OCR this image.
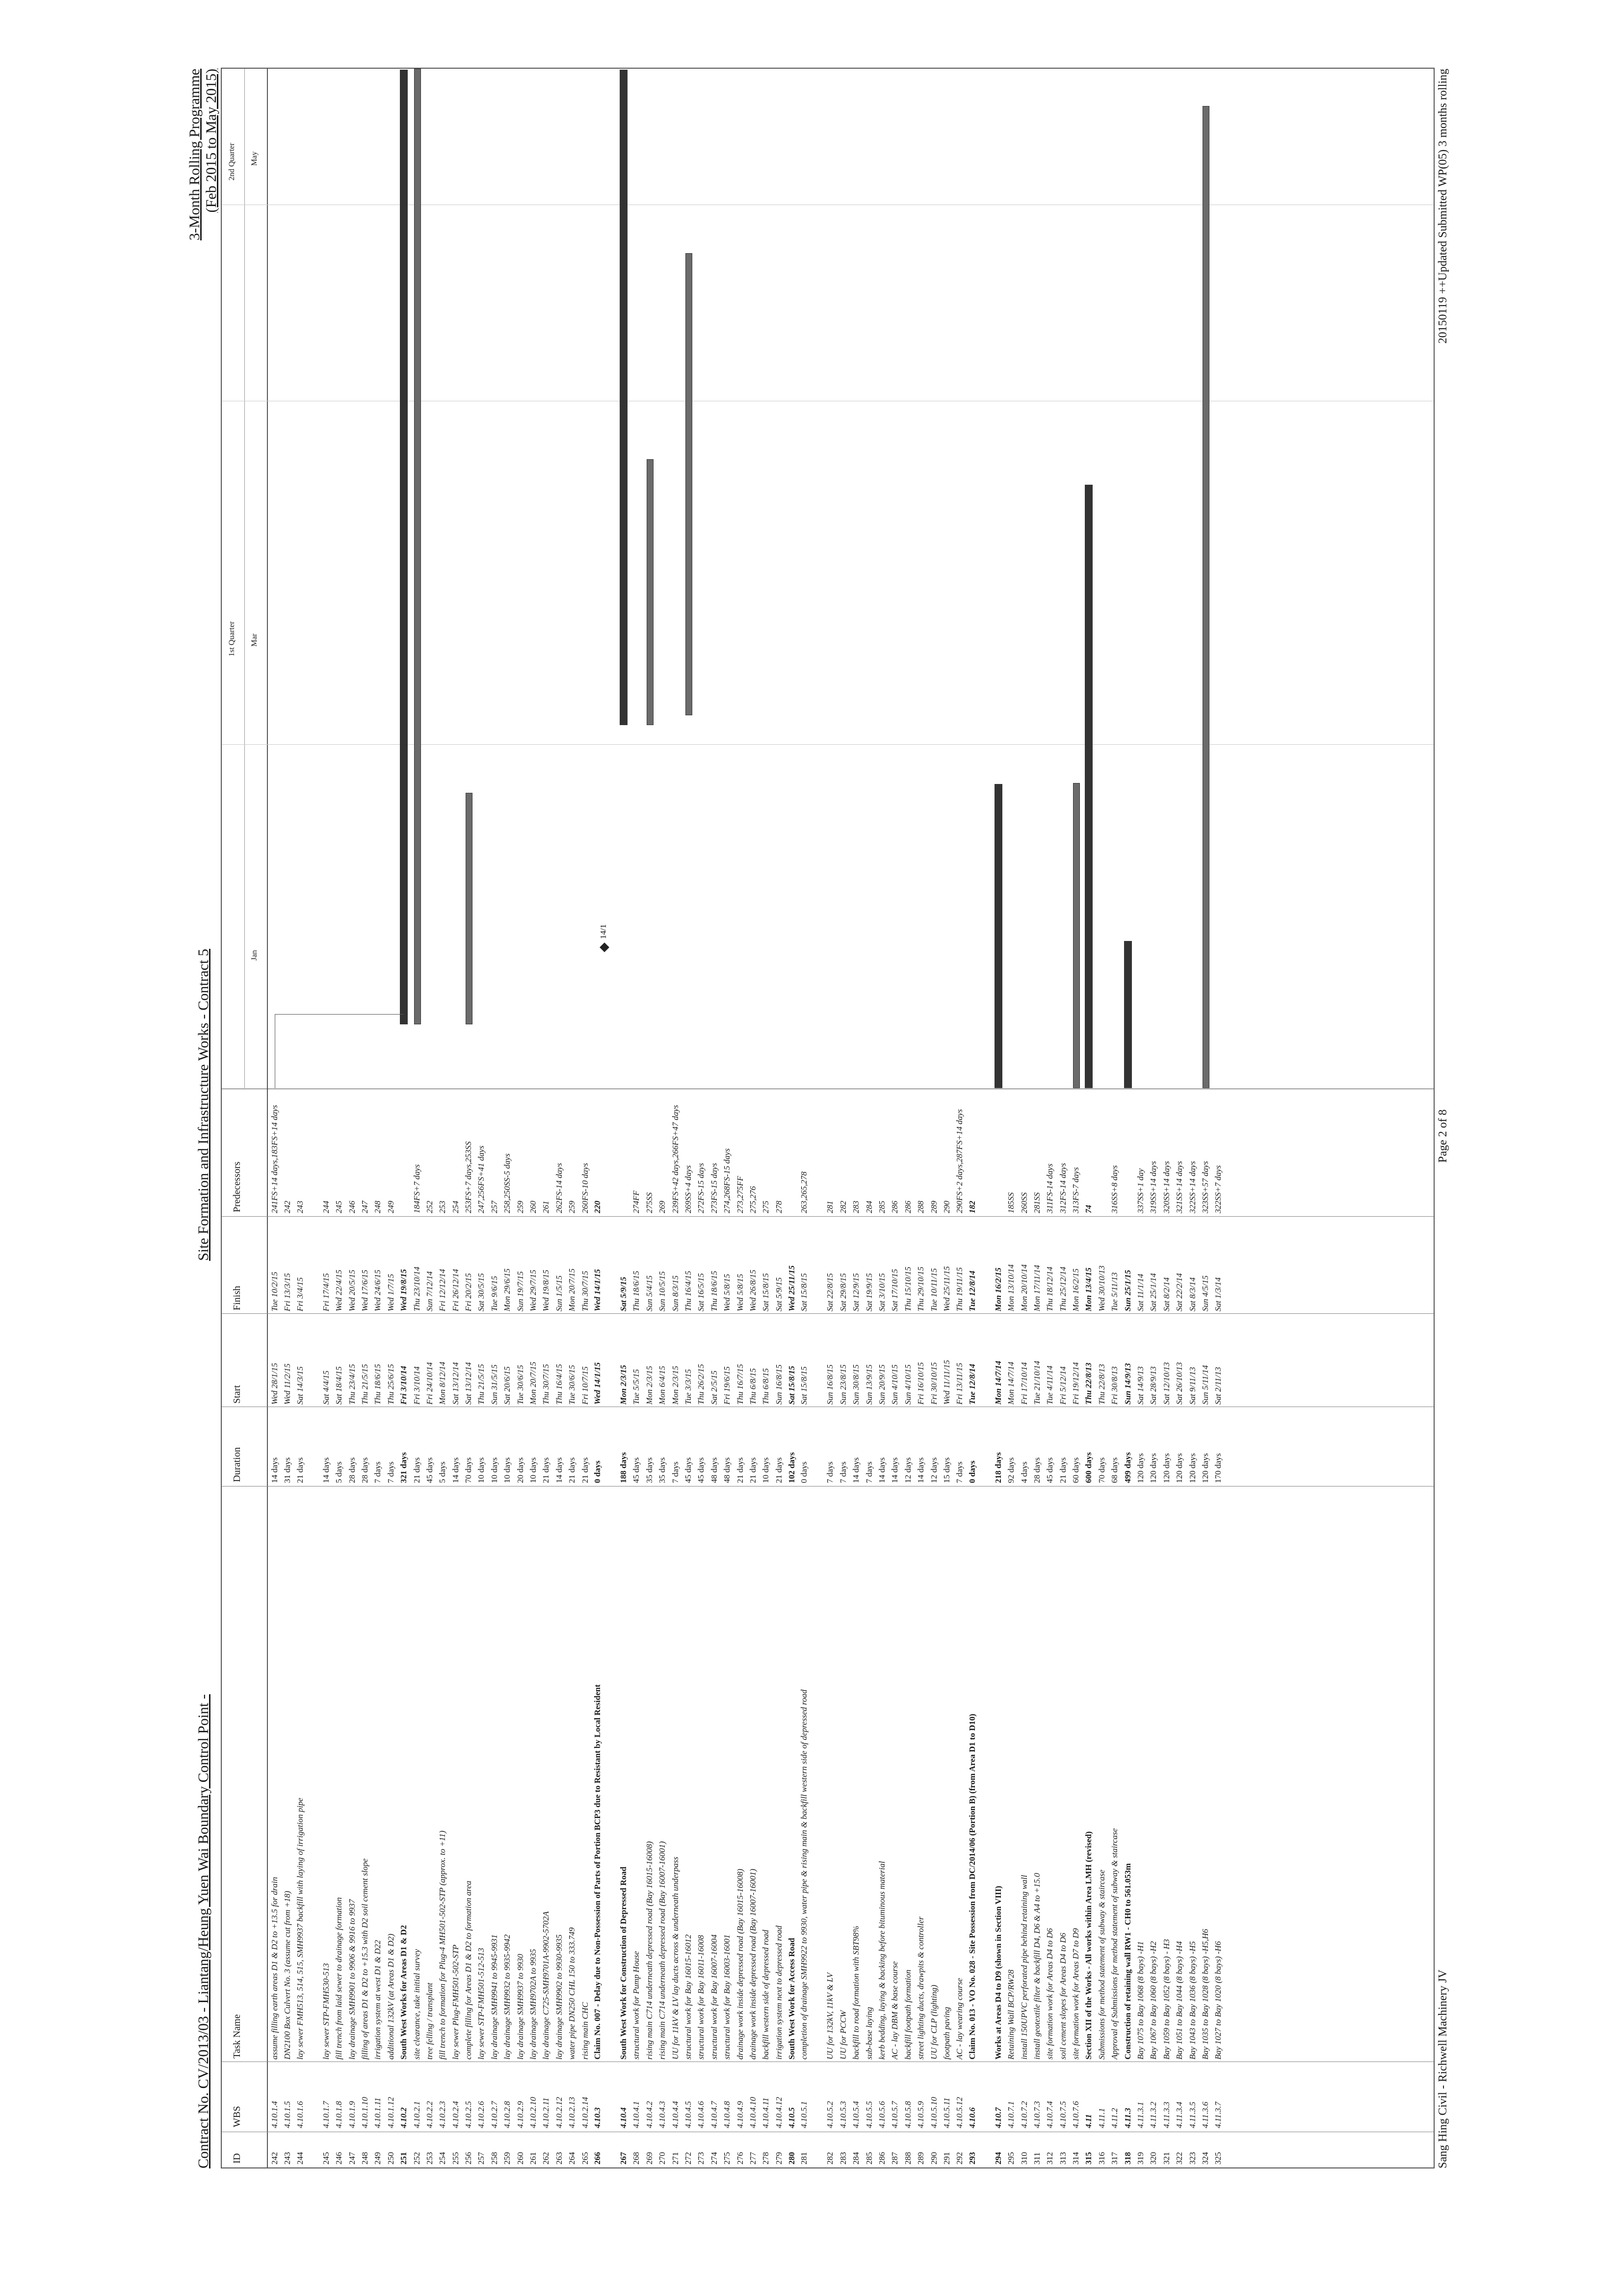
Contract No. CV/2013/03 - Liantang/Heung Yuen Wai Boundary Control Point -
Site Formation and Infrastructure Works - Contract 5
3-Month Rolling Programme (Feb 2015 to May 2015)
ID
WBS
Task Name
Duration
Start
Finish
Predecessors
242
4.10.1.4
assume filling earth areas D1 & D2 to +13.5 for drain
14 days
Wed 28/1/15
Tue 10/2/15
241FS+14 days,183FS+14 days
243
4.10.1.5
DN2100 Box Culvert No. 3 (assume cut from +18)
31 days
Wed 11/2/15
Fri 13/3/15
242
244
4.10.1.6
lay sewer FMH513, 514, 515, SMH9937 backfill with laying of irrigation pipe
21 days
Sat 14/3/15
Fri 3/4/15
243
245
4.10.1.7
lay sewer STP-FMH530-513
14 days
Sat 4/4/15
Fri 17/4/15
244
246
4.10.1.8
fill trench from laid sewer to drainage formation
5 days
Sat 18/4/15
Wed 22/4/15
245
247
4.10.1.9
lay drainage SMH9901 to 9906 & 9916 to 9937
28 days
Thu 23/4/15
Wed 20/5/15
246
248
4.10.1.10
filling of areas D1 & D2 to +15.3 with D2 soil cement slope
28 days
Thu 21/5/15
Wed 17/6/15
247
249
4.10.1.11
irrigation system at west D1 & D22
7 days
Thu 18/6/15
Wed 24/6/15
248
250
4.10.1.12
additional 132kV (at Areas D1 & D2)
7 days
Thu 25/6/15
Wed 1/7/15
249
251
4.10.2
South West Works for Areas D1 & D2
321 days
Fri 3/10/14
Wed 19/8/15
252
4.10.2.1
site clearance, take initial survey
21 days
Fri 3/10/14
Thu 23/10/14
184FS+7 days
253
4.10.2.2
tree felling / transplant
45 days
Fri 24/10/14
Sun 7/12/14
252
254
4.10.2.3
fill trench to formation for Plug-4 MH501-502-STP (approx. to +11)
5 days
Mon 8/12/14
Fri 12/12/14
253
255
4.10.2.4
lay sewer Plug-FMH501-502-STP
14 days
Sat 13/12/14
Fri 26/12/14
254
256
4.10.2.5
complete filling for Areas D1 & D2 to formation area
70 days
Sat 13/12/14
Fri 20/2/15
253FS+7 days,253SS
257
4.10.2.6
lay sewer STP-FMH501-512-513
10 days
Thu 21/5/15
Sat 30/5/15
247,256FS+41 days
258
4.10.2.7
lay drainage SMH9941 to 9945-9931
10 days
Sun 31/5/15
Tue 9/6/15
257
259
4.10.2.8
lay drainage SMH9932 to 9935-9942
10 days
Sat 20/6/15
Mon 29/6/15
258,250SS-5 days
260
4.10.2.9
lay drainage SMH9937 to 9930
20 days
Tue 30/6/15
Sun 19/7/15
259
261
4.10.2.10
lay drainage SMH9702A to 9935
10 days
Mon 20/7/15
Wed 29/7/15
260
262
4.10.2.11
lay drainage C725-SMH9701A-9902-5702A
21 days
Thu 30/7/15
Wed 19/8/15
261
263
4.10.2.12
lay drainage SMH9902 to 9930-9935
14 days
Thu 16/4/15
Sun 1/5/15
262FS-14 days
264
4.10.2.13
water pipe DN250 CHL 150 to 333.749
21 days
Tue 30/6/15
Mon 20/7/15
259
265
4.10.2.14
rising main CHC
21 days
Fri 10/7/15
Thu 30/7/15
260FS-10 days
266
4.10.3
Claim No. 007 - Delay due to Non-Possession of Parts of Portion BCP3 due to Resistant by Local Resident
0 days
Wed 14/1/15
Wed 14/1/15
220
267
4.10.4
South West Work for Construction of Depressed Road
188 days
Mon 2/3/15
Sat 5/9/15
268
4.10.4.1
structural work for Pump House
45 days
Tue 5/5/15
Thu 18/6/15
274FF
269
4.10.4.2
rising main C714 underneath depressed road (Bay 16015-16008)
35 days
Mon 2/3/15
Sun 5/4/15
275SS
270
4.10.4.3
rising main C714 underneath depressed road (Bay 16007-16001)
35 days
Mon 6/4/15
Sun 10/5/15
269
271
4.10.4.4
UU for 11kV & LV lay ducts across & underneath underpass
7 days
Mon 2/3/15
Sun 8/3/15
239FS+42 days,266FS+47 days
272
4.10.4.5
structural work for Bay 16015-16012
45 days
Tue 3/3/15
Thu 16/4/15
269SS+4 days
273
4.10.4.6
structural work for Bay 16011-16008
45 days
Thu 26/2/15
Sat 16/5/15
272FS-15 days
274
4.10.4.7
structural work for Bay 16007-16004
48 days
Sat 2/5/15
Thu 18/6/15
273FS-15 days
275
4.10.4.8
structural work for Bay 16003-16001
48 days
Fri 19/6/15
Wed 5/8/15
274,268FS-15 days
276
4.10.4.9
drainage work inside depressed road (Bay 16015-16008)
21 days
Thu 16/7/15
Wed 5/8/15
273,275FF
277
4.10.4.10
drainage work inside depressed road (Bay 16007-16001)
21 days
Thu 6/8/15
Wed 26/8/15
275,276
278
4.10.4.11
backfill western side of depressed road
10 days
Thu 6/8/15
Sat 15/8/15
275
279
4.10.4.12
irrigation system next to depressed road
21 days
Sun 16/8/15
Sat 5/9/15
278
280
4.10.5
South West Work for Access Road
102 days
Sat 15/8/15
Wed 25/11/15
281
4.10.5.1
completion of drainage SMH9922 to 9930, water pipe & rising main & backfill western side of depressed road
0 days
Sat 15/8/15
Sat 15/8/15
263,265,278
282
4.10.5.2
UU for 132kV, 11kV & LV
7 days
Sun 16/8/15
Sat 22/8/15
281
283
4.10.5.3
UU for PCCW
7 days
Sun 23/8/15
Sat 29/8/15
282
284
4.10.5.4
backfill to road formation with SBT98%
14 days
Sun 30/8/15
Sat 12/9/15
283
285
4.10.5.5
sub-base laying
7 days
Sun 13/9/15
Sat 19/9/15
284
286
4.10.5.6
kerb bedding, laying & backing before bituminous material
14 days
Sun 20/9/15
Sat 3/10/15
285
287
4.10.5.7
AC - lay DBM & base course
14 days
Sun 4/10/15
Sat 17/10/15
286
288
4.10.5.8
backfill footpath formation
12 days
Sun 4/10/15
Thu 15/10/15
286
289
4.10.5.9
street lighting ducts, drawpits & controller
14 days
Fri 16/10/15
Thu 29/10/15
288
290
4.10.5.10
UU for CLP (lighting)
12 days
Fri 30/10/15
Tue 10/11/15
289
291
4.10.5.11
footpath paving
15 days
Wed 11/11/15
Wed 25/11/15
290
292
4.10.5.12
AC - lay wearing course
7 days
Fri 13/11/15
Thu 19/11/15
290FS+2 days,287FS+14 days
293
4.10.6
Claim No. 013 - VO No. 028 - Site Possession from DC/2014/06 (Portion B) (from Area D1 to D10)
0 days
Tue 12/8/14
Tue 12/8/14
182
294
4.10.7
Works at Areas D4 to D9 (shown in Section VIII)
218 days
Mon 14/7/14
Mon 16/2/15
295
4.10.7.1
Retaining Wall BCP/RW28
92 days
Mon 14/7/14
Mon 13/10/14
185SS
310
4.10.7.2
install 150UPVC perforated pipe behind retaining wall
4 days
Fri 17/10/14
Mon 20/10/14
260SS
311
4.10.7.3
install geotextile filter & backfill D4, D6 & A4 to +15.0
28 days
Tue 21/10/14
Mon 17/11/14
281SS
312
4.10.7.4
site formation work for Areas D4 to D6
45 days
Tue 4/11/14
Thu 18/12/14
311FS-14 days
313
4.10.7.5
soil cement slopes for Areas D4 to D6
21 days
Fri 5/12/14
Thu 25/12/14
312FS-14 days
314
4.10.7.6
site formation work for Areas D7 to D9
60 days
Fri 19/12/14
Mon 16/2/15
313FS-7 days
315
4.11
Section XII of the Works - All works within Area LMH (revised)
600 days
Thu 22/8/13
Mon 13/4/15
74
316
4.11.1
Submissions for method statement of subway & staircase
70 days
Thu 22/8/13
Wed 30/10/13
317
4.11.2
Approval of Submissions for method statement of subway & staircase
68 days
Fri 30/8/13
Tue 5/11/13
316SS+8 days
318
4.11.3
Construction of retaining wall RW1 - CH0 to 561.053m
499 days
Sun 14/9/13
Sun 25/1/15
319
4.11.3.1
Bay 1075 to Bay 1068 (8 bays) -H1
120 days
Sat 14/9/13
Sat 11/1/14
337SS+1 day
320
4.11.3.2
Bay 1067 to Bay 1060 (8 bays) -H2
120 days
Sat 28/9/13
Sat 25/1/14
319SS+14 days
321
4.11.3.3
Bay 1059 to Bay 1052 (8 bays) - H3
120 days
Sat 12/10/13
Sat 8/2/14
320SS+14 days
322
4.11.3.4
Bay 1051 to Bay 1044 (8 bays) -H4
120 days
Sat 26/10/13
Sat 22/2/14
321SS+14 days
323
4.11.3.5
Bay 1043 to Bay 1036 (8 bays) -H5
120 days
Sat 9/11/13
Sat 8/3/14
322SS+14 days
324
4.11.3.6
Bay 1035 to Bay 1028 (8 bays) -H5,H6
120 days
Sun 5/11/14
Sun 4/5/15
323SS+57 days
325
4.11.3.7
Bay 1027 to Bay 1020 (8 bays) -H6
170 days
Sat 2/11/13
Sat 1/3/14
322SS+7 days
1st Quarter
2nd Quarter
Jan
Mar
May
14/1
Sang Hing Civil - Richwell Machinery JV
Page 2 of 8
20150119 ++Updated Submitted WP(05) 3 months rolling
